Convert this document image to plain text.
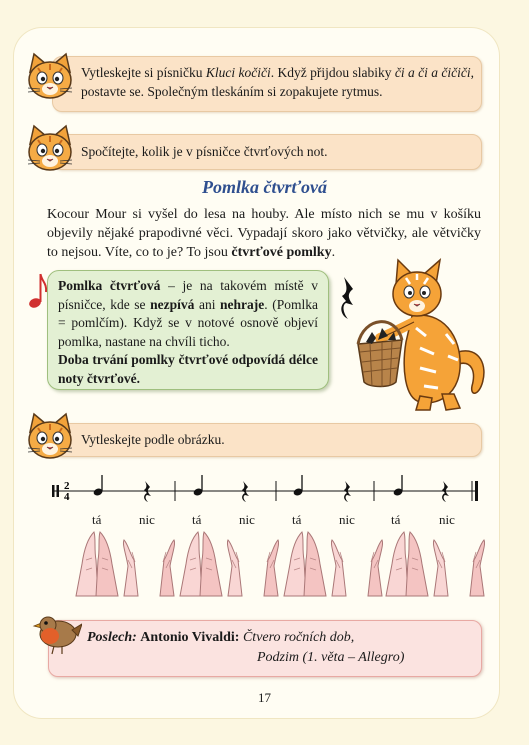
Vytleskejte si písničku Kluci kočiči. Když přijdou slabiky či a či a čičiči, postavte se. Společným tleskáním si zopakujete rytmus.
Spočítejte, kolik je v písničce čtvrťových not.
Pomlka čtvrťová
Kocour Mour si vyšel do lesa na houby. Ale místo nich se mu v košíku objevily nějaké prapodivné věci. Vypadají skoro jako větvičky, ale větvičky to nejsou. Víte, co to je? To jsou čtvrťové pomlky.
Pomlka čtvrťová – je na takovém místě v písničce, kde se nezpívá ani nehraje. (Pomlka = pomlčím). Když se v notové osnově objeví pomlka, nastane na chvíli ticho.
Doba trvání pomlky čtvrťové odpovídá délce noty čtvrťové.
Vytleskejte podle obrázku.
2
4
tá	nic	tá	nic	tá	nic	tá	nic
Poslech: Antonio Vivaldi: Čtvero ročních dob,
Podzim (1. věta – Allegro)
17
